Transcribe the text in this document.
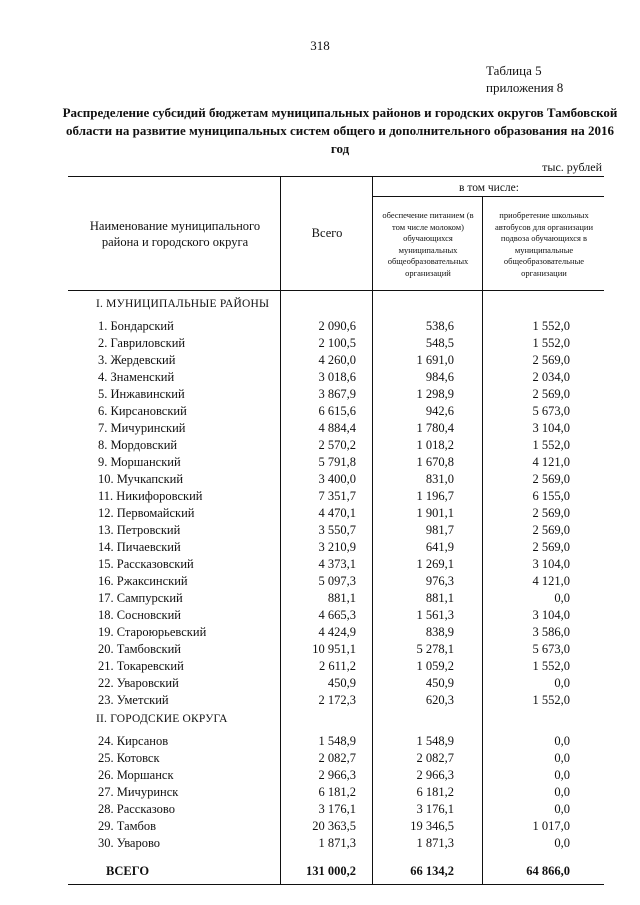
318
Таблица 5
приложения 8
Распределение субсидий бюджетам муниципальных районов и городских округов Тамбовской области на развитие муниципальных систем общего и дополнительного образования на 2016 год
тыс. рублей
Наименование муниципального района и городского округа
Всего
в том числе:
обеспечение питанием (в том числе молоком) обучающихся муниципальных общеобразовательных организаций
приобретение школьных автобусов для организации подвоза обучающихся в муниципальные общеобразовательные организации
I. МУНИЦИПАЛЬНЫЕ РАЙОНЫ
II. ГОРОДСКИЕ ОКРУГА
1. Бондарский	2 090,6	538,6	1 552,0
2. Гавриловский	2 100,5	548,5	1 552,0
3. Жердевский	4 260,0	1 691,0	2 569,0
4. Знаменский	3 018,6	984,6	2 034,0
5. Инжавинский	3 867,9	1 298,9	2 569,0
6. Кирсановский	6 615,6	942,6	5 673,0
7. Мичуринский	4 884,4	1 780,4	3 104,0
8. Мордовский	2 570,2	1 018,2	1 552,0
9. Моршанский	5 791,8	1 670,8	4 121,0
10. Мучкапский	3 400,0	831,0	2 569,0
11. Никифоровский	7 351,7	1 196,7	6 155,0
12. Первомайский	4 470,1	1 901,1	2 569,0
13. Петровский	3 550,7	981,7	2 569,0
14. Пичаевский	3 210,9	641,9	2 569,0
15. Рассказовский	4 373,1	1 269,1	3 104,0
16. Ржаксинский	5 097,3	976,3	4 121,0
17. Сампурский	881,1	881,1	0,0
18. Сосновский	4 665,3	1 561,3	3 104,0
19. Староюрьевский	4 424,9	838,9	3 586,0
20. Тамбовский	10 951,1	5 278,1	5 673,0
21. Токаревский	2 611,2	1 059,2	1 552,0
22. Уваровский	450,9	450,9	0,0
23. Уметский	2 172,3	620,3	1 552,0
24. Кирсанов	1 548,9	1 548,9	0,0
25. Котовск	2 082,7	2 082,7	0,0
26. Моршанск	2 966,3	2 966,3	0,0
27. Мичуринск	6 181,2	6 181,2	0,0
28. Рассказово	3 176,1	3 176,1	0,0
29. Тамбов	20 363,5	19 346,5	1 017,0
30. Уварово	1 871,3	1 871,3	0,0
ВСЕГО	131 000,2	66 134,2	64 866,0
